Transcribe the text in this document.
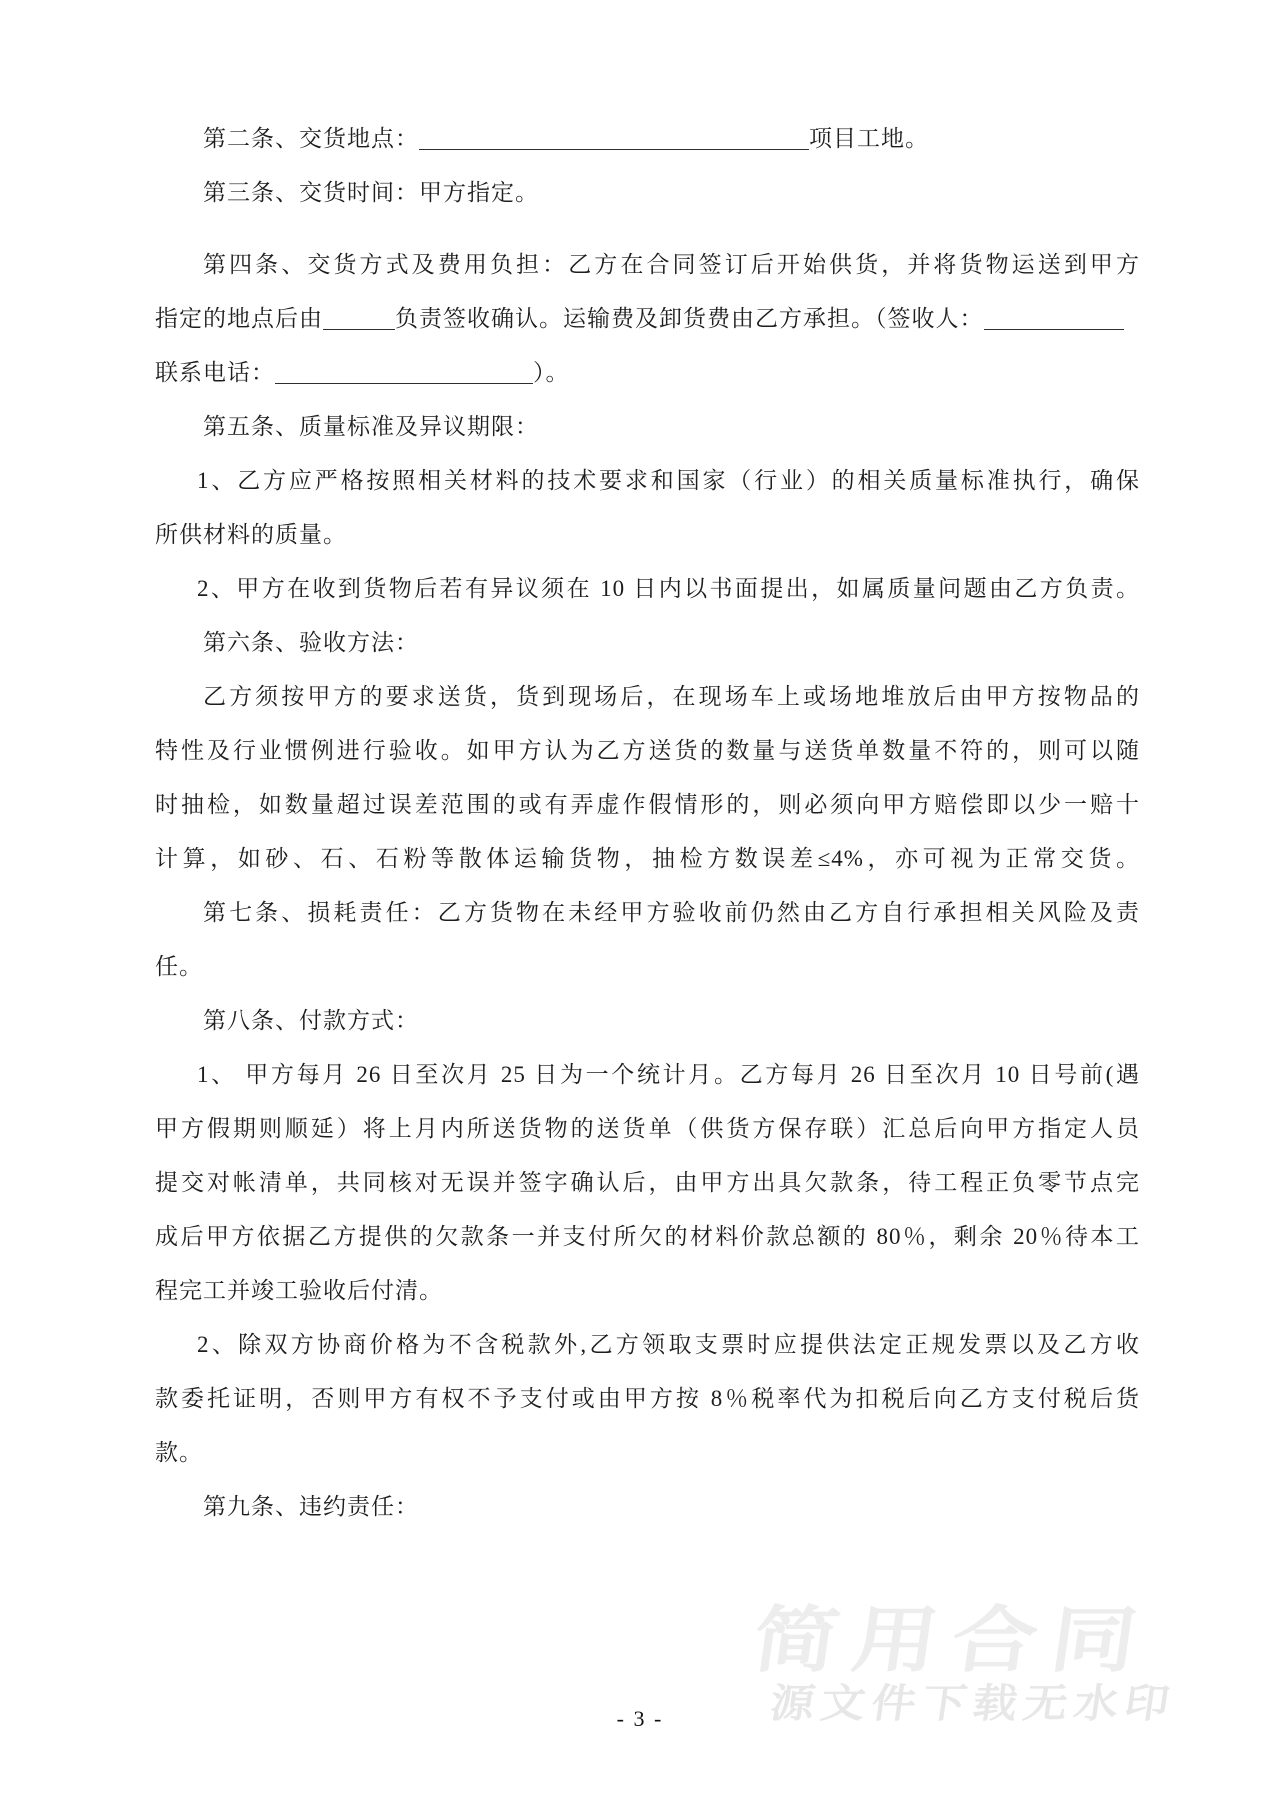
第二条、交货地点：	项目工地。
第三条、交货时间：甲方指定。
第四条、交货方式及费用负担：乙方在合同签订后开始供货，并将货物运送到甲方
指定的地点后由	负责签收确认。运输费及卸货费由乙方承担。（签收人：
联系电话：	）。
第五条、质量标准及异议期限：
1、乙方应严格按照相关材料的技术要求和国家（行业）的相关质量标准执行，确保
所供材料的质量。
2、甲方在收到货物后若有异议须在 10 日内以书面提出，如属质量问题由乙方负责。
第六条、验收方法：
乙方须按甲方的要求送货，货到现场后，在现场车上或场地堆放后由甲方按物品的
特性及行业惯例进行验收。如甲方认为乙方送货的数量与送货单数量不符的，则可以随
时抽检，如数量超过误差范围的或有弄虚作假情形的，则必须向甲方赔偿即以少一赔十
计算，如砂、石、石粉等散体运输货物，抽检方数误差≤4%，亦可视为正常交货。
第七条、损耗责任：乙方货物在未经甲方验收前仍然由乙方自行承担相关风险及责
任。
第八条、付款方式：
1、 甲方每月 26 日至次月 25 日为一个统计月。乙方每月 26 日至次月 10 日号前(遇
甲方假期则顺延）将上月内所送货物的送货单（供货方保存联）汇总后向甲方指定人员
提交对帐清单，共同核对无误并签字确认后，由甲方出具欠款条，待工程正负零节点完
成后甲方依据乙方提供的欠款条一并支付所欠的材料价款总额的 80％，剩余 20％待本工
程完工并竣工验收后付清。
2、除双方协商价格为不含税款外,乙方领取支票时应提供法定正规发票以及乙方收
款委托证明，否则甲方有权不予支付或由甲方按 8％税率代为扣税后向乙方支付税后货
款。
第九条、违约责任：
简用合同
源文件下载无水印
- 3 -
